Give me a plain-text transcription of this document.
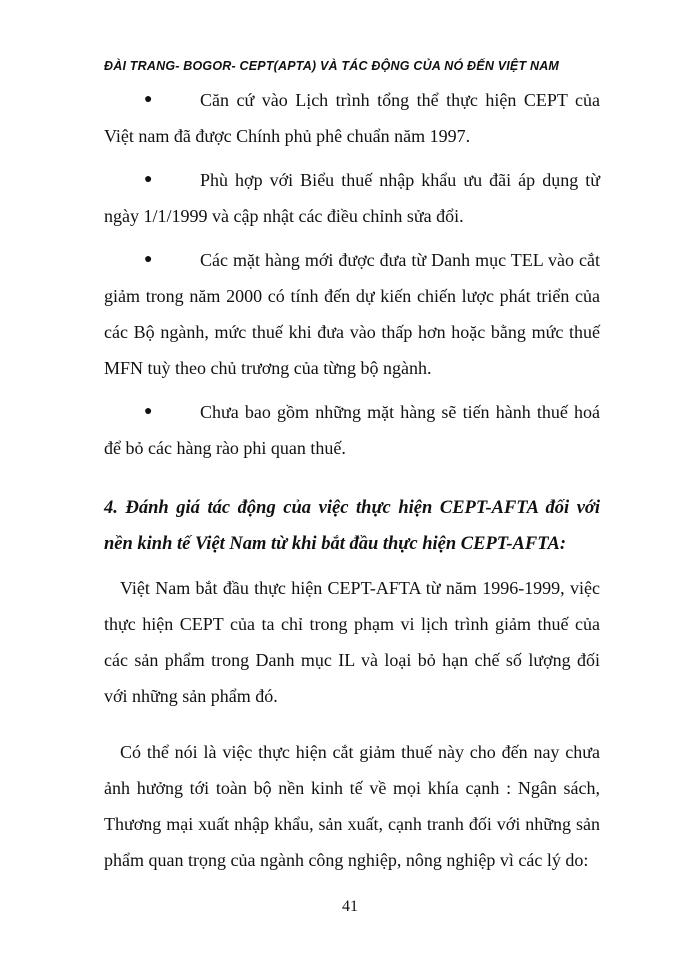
ĐÀI TRANG- BOGOR- CEPT(APTA) VÀ TÁC ĐỘNG CỦA NÓ ĐẾN VIỆT NAM
●	Căn cứ vào Lịch trình tổng thể thực hiện CEPT của Việt nam đã được Chính phủ phê chuẩn năm 1997.
●	Phù hợp với Biểu thuế nhập khẩu ưu đãi áp dụng từ ngày 1/1/1999 và cập nhật các điều chỉnh sửa đổi.
●	Các mặt hàng mới được đưa từ Danh mục TEL vào cắt giảm trong năm 2000 có tính đến dự kiến chiến lược phát triển của các Bộ ngành, mức thuế khi đưa vào thấp hơn hoặc bằng mức thuế MFN tuỳ theo chủ trương của từng bộ ngành.
●	Chưa bao gồm những mặt hàng sẽ tiến hành thuế hoá để bỏ các hàng rào phi quan thuế.
4. Đánh giá tác động của việc thực hiện CEPT-AFTA đối với nền kinh tế Việt Nam từ khi bắt đầu thực hiện CEPT-AFTA:
Việt Nam bắt đầu thực hiện CEPT-AFTA từ năm 1996-1999, việc thực hiện CEPT của ta chỉ trong phạm vi lịch trình giảm thuế của các sản phẩm trong Danh mục IL và loại bỏ hạn chế số lượng đối với những sản phẩm đó.
Có thể nói là việc thực hiện cắt giảm thuế này cho đến nay chưa ảnh hưởng tới toàn bộ nền kinh tế về mọi khía cạnh : Ngân sách, Thương mại xuất nhập khẩu, sản xuất, cạnh tranh đối với những sản phẩm quan trọng của ngành công nghiệp, nông nghiệp vì các lý do:
41
